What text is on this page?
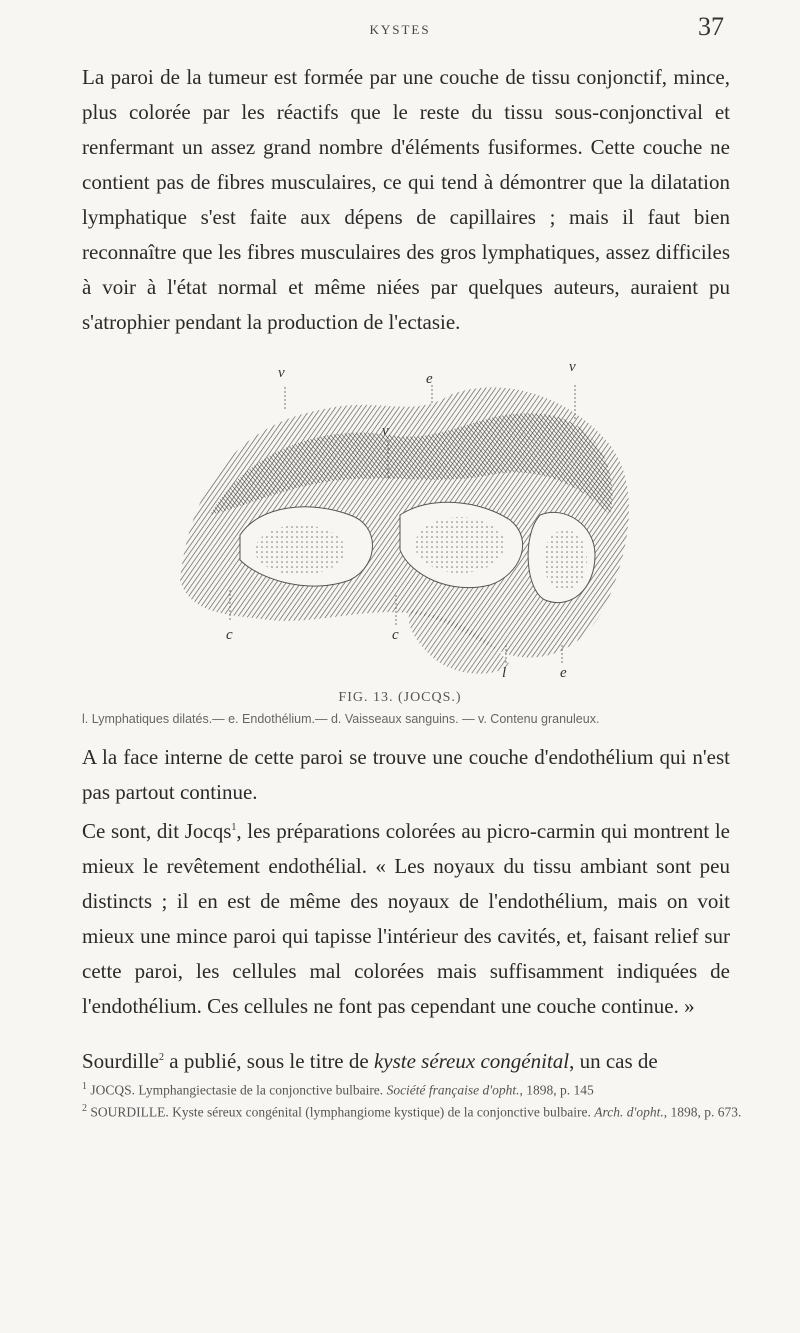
KYSTES	37

La paroi de la tumeur est formée par une couche de tissu conjonctif, mince, plus colorée par les réactifs que le reste du tissu sous-conjonctival et renfermant un assez grand nombre d'éléments fusiformes. Cette couche ne contient pas de fibres musculaires, ce qui tend à démontrer que la dilatation lymphatique s'est faite aux dépens de capillaires ; mais il faut bien reconnaître que les fibres musculaires des gros lymphatiques, assez difficiles à voir à l'état normal et même niées par quelques auteurs, auraient pu s'atrophier pendant la production de l'ectasie.

v	e
v
v
c	c
l	e
FIG. 13. (JOCQS.)
l. Lymphatiques dilatés.— e. Endothélium.— d. Vaisseaux sanguins. — v. Contenu granuleux.

A la face interne de cette paroi se trouve une couche d'endothélium qui n'est pas partout continue.

Ce sont, dit Jocqs$^1$, les préparations colorées au picro-carmin qui montrent le mieux le revêtement endothélial. « Les noyaux du tissu ambiant sont peu distincts ; il en est de même des noyaux de l'endothélium, mais on voit mieux une mince paroi qui tapisse l'intérieur des cavités, et, faisant relief sur cette paroi, les cellules mal colorées mais suffisamment indiquées de l'endothélium. Ces cellules ne font pas cependant une couche continue. »

Sourdille$^2$ a publié, sous le titre de kyste séreux congénital, un cas de

$^1$ JOCQS. Lymphangiectasie de la conjonctive bulbaire. Société française d'opht., 1898, p. 145

$^2$ SOURDILLE. Kyste séreux congénital (lymphangiome kystique) de la conjonctive bulbaire. Arch. d'opht., 1898, p. 673.
